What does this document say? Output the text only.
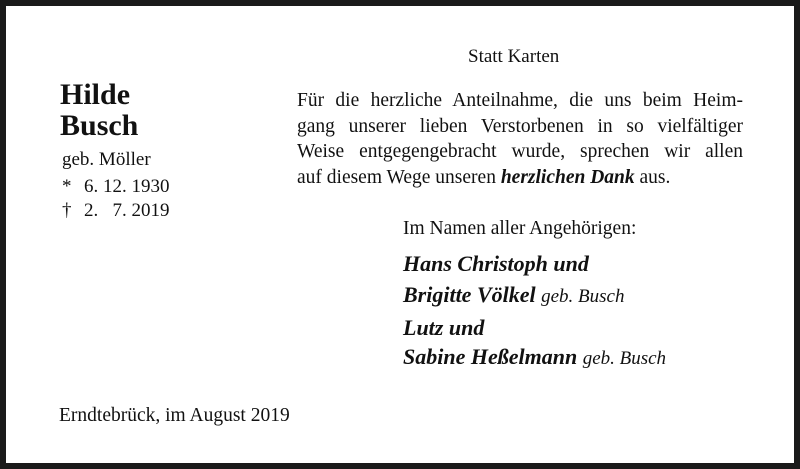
Statt Karten
Hilde
Busch
geb. Möller
* 6. 12. 1930
† 2.   7. 2019
Für die herzliche Anteilnahme, die uns beim Heim-
gang unserer lieben Verstorbenen in so vielfältiger
Weise entgegengebracht wurde, sprechen wir allen
auf diesem Wege unseren herzlichen Dank aus.
Im Namen aller Angehörigen:
Hans Christoph und
Brigitte Völkel geb. Busch
Lutz und
Sabine Heßelmann geb. Busch
Erndtebrück, im August 2019
